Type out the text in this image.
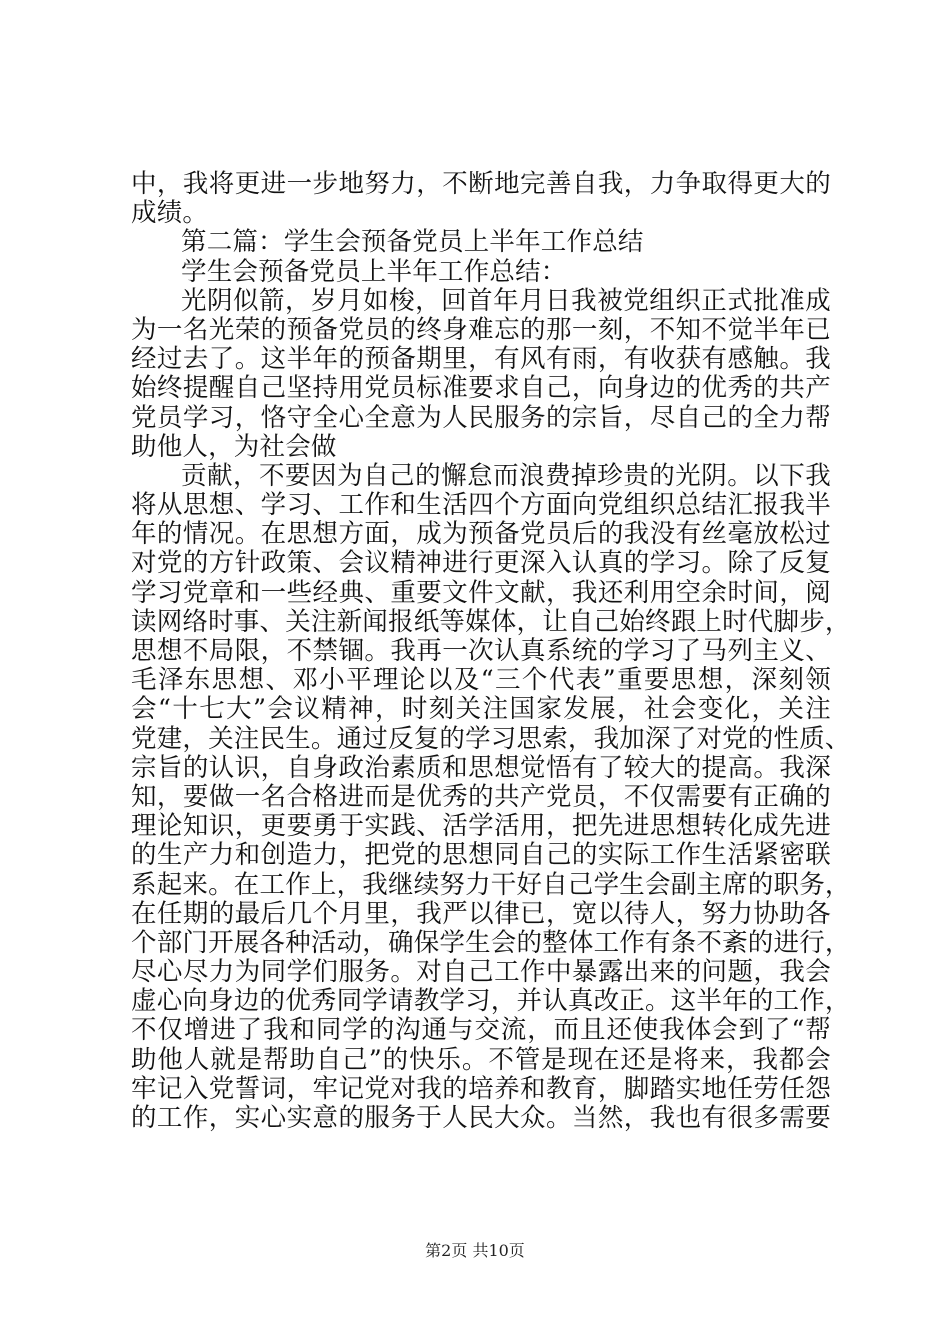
中，我将更进一步地努力，不断地完善自我，力争取得更大的
成绩。
第二篇：学生会预备党员上半年工作总结
学生会预备党员上半年工作总结：
光阴似箭，岁月如梭，回首年月日我被党组织正式批准成
为一名光荣的预备党员的终身难忘的那一刻，不知不觉半年已
经过去了。这半年的预备期里，有风有雨，有收获有感触。我
始终提醒自己坚持用党员标准要求自己，向身边的优秀的共产
党员学习，恪守全心全意为人民服务的宗旨，尽自己的全力帮
助他人，为社会做
贡献，不要因为自己的懈怠而浪费掉珍贵的光阴。以下我
将从思想、学习、工作和生活四个方面向党组织总结汇报我半
年的情况。在思想方面，成为预备党员后的我没有丝毫放松过
对党的方针政策、会议精神进行更深入认真的学习。除了反复
学习党章和一些经典、重要文件文献，我还利用空余时间，阅
读网络时事、关注新闻报纸等媒体，让自己始终跟上时代脚步，
思想不局限，不禁锢。我再一次认真系统的学习了马列主义、
毛泽东思想、邓小平理论以及“三个代表”重要思想，深刻领
会“十七大”会议精神，时刻关注国家发展，社会变化，关注
党建，关注民生。通过反复的学习思索，我加深了对党的性质、
宗旨的认识，自身政治素质和思想觉悟有了较大的提高。我深
知，要做一名合格进而是优秀的共产党员，不仅需要有正确的
理论知识，更要勇于实践、活学活用，把先进思想转化成先进
的生产力和创造力，把党的思想同自己的实际工作生活紧密联
系起来。在工作上，我继续努力干好自己学生会副主席的职务，
在任期的最后几个月里，我严以律已，宽以待人，努力协助各
个部门开展各种活动，确保学生会的整体工作有条不紊的进行，
尽心尽力为同学们服务。对自己工作中暴露出来的问题，我会
虚心向身边的优秀同学请教学习，并认真改正。这半年的工作，
不仅增进了我和同学的沟通与交流，而且还使我体会到了“帮
助他人就是帮助自己”的快乐。不管是现在还是将来，我都会
牢记入党誓词，牢记党对我的培养和教育，脚踏实地任劳任怨
的工作，实心实意的服务于人民大众。当然，我也有很多需要
第2页 共10页
